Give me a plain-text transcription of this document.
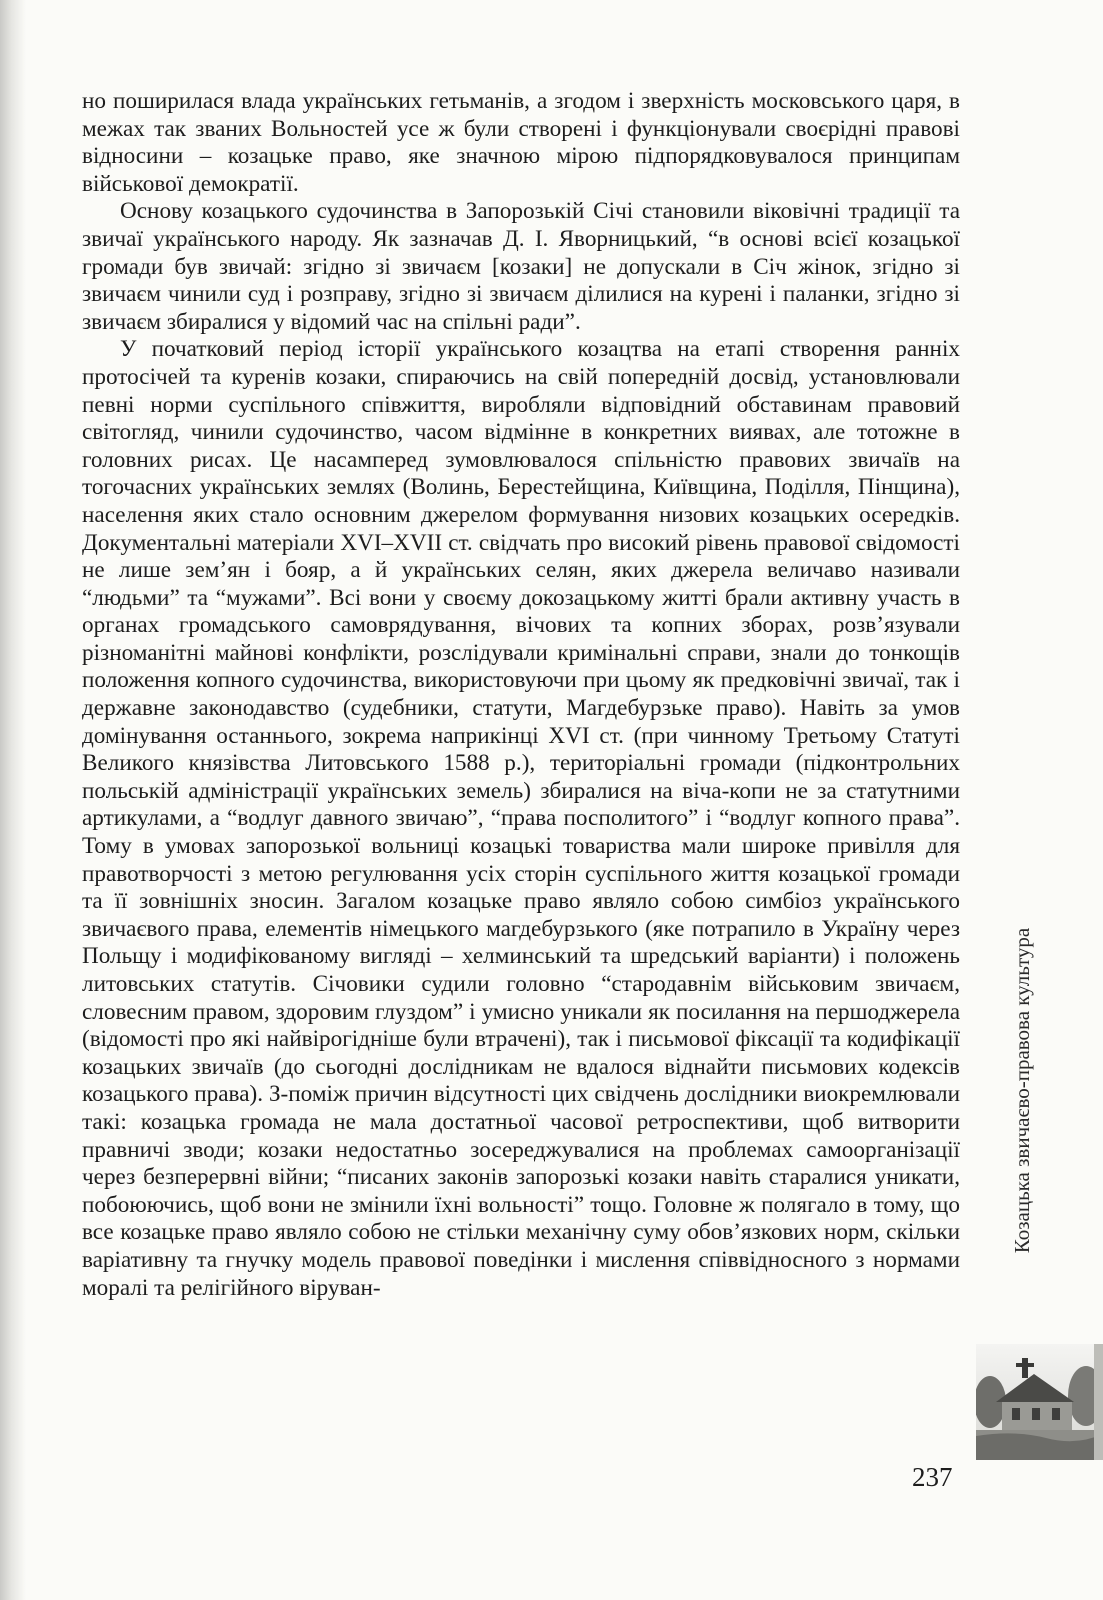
но поширилася влада українських гетьманів, а згодом і зверхність московського царя, в межах так званих Вольностей усе ж були створені і функціонували своєрідні правові відносини – козацьке право, яке значною мірою підпорядковувалося принципам військової демократії.

Основу козацького судочинства в Запорозькій Січі становили віковічні традиції та звичаї українського народу. Як зазначав Д. І. Яворницький, “в основі всієї козацької громади був звичай: згідно зі звичаєм [козаки] не допускали в Січ жінок, згідно зі звичаєм чинили суд і розправу, згідно зі звичаєм ділилися на курені і паланки, згідно зі звичаєм збиралися у відомий час на спільні ради”.

У початковий період історії українського козацтва на етапі створення ранніх протосічей та куренів козаки, спираючись на свій попередній досвід, установлювали певні норми суспільного співжиття, виробляли відповідний обставинам правовий світогляд, чинили судочинство, часом відмінне в конкретних виявах, але тотожне в головних рисах. Це насамперед зумовлювалося спільністю правових звичаїв на тогочасних українських землях (Волинь, Берестейщина, Київщина, Поділля, Пінщина), населення яких стало основним джерелом формування низових козацьких осередків. Документальні матеріали XVI–XVII ст. свідчать про високий рівень правової свідомості не лише зем’ян і бояр, а й українських селян, яких джерела величаво називали “людьми” та “мужами”. Всі вони у своєму докозацькому житті брали активну участь в органах громадського самоврядування, вічових та копних зборах, розв’язували різноманітні майнові конфлікти, розслідували кримінальні справи, знали до тонкощів положення копного судочинства, використовуючи при цьому як предковічні звичаї, так і державне законодавство (судебники, статути, Магдебурзьке право). Навіть за умов домінування останнього, зокрема наприкінці XVI ст. (при чинному Третьому Статуті Великого князівства Литовського 1588 р.), територіальні громади (підконтрольних польській адміністрації українських земель) збиралися на віча-копи не за статутними артикулами, а “водлуг давного звичаю”, “права посполитого” і “водлуг копного права”. Тому в умовах запорозької вольниці козацькі товариства мали широке привілля для правотворчості з метою регулювання усіх сторін суспільного життя козацької громади та її зовнішніх зносин. Загалом козацьке право являло собою симбіоз українського звичаєвого права, елементів німецького магдебурзького (яке потрапило в Україну через Польщу і модифікованому вигляді – хелминський та шредський варіанти) і положень литовських статутів. Січовики судили головно “стародавнім військовим звичаєм, словесним правом, здоровим глуздом” і умисно уникали як посилання на першоджерела (відомості про які найвірогідніше були втрачені), так і письмової фіксації та кодифікації козацьких звичаїв (до сьогодні дослідникам не вдалося віднайти письмових кодексів козацького права). З-поміж причин відсутності цих свідчень дослідники виокремлювали такі: козацька громада не мала достатньої часової ретроспективи, щоб витворити правничі зводи; козаки недостатньо зосереджувалися на проблемах самоорганізації через безперервні війни; “писаних законів запорозькі козаки навіть старалися уникати, побоюючись, щоб вони не змінили їхні вольності” тощо. Головне ж полягало в тому, що все козацьке право являло собою не стільки механічну суму обов’язкових норм, скільки варіативну та гнучку модель правової поведінки і мислення співвідносного з нормами моралі та релігійного віруван-

Козацька звичаєво-правова культура
237
